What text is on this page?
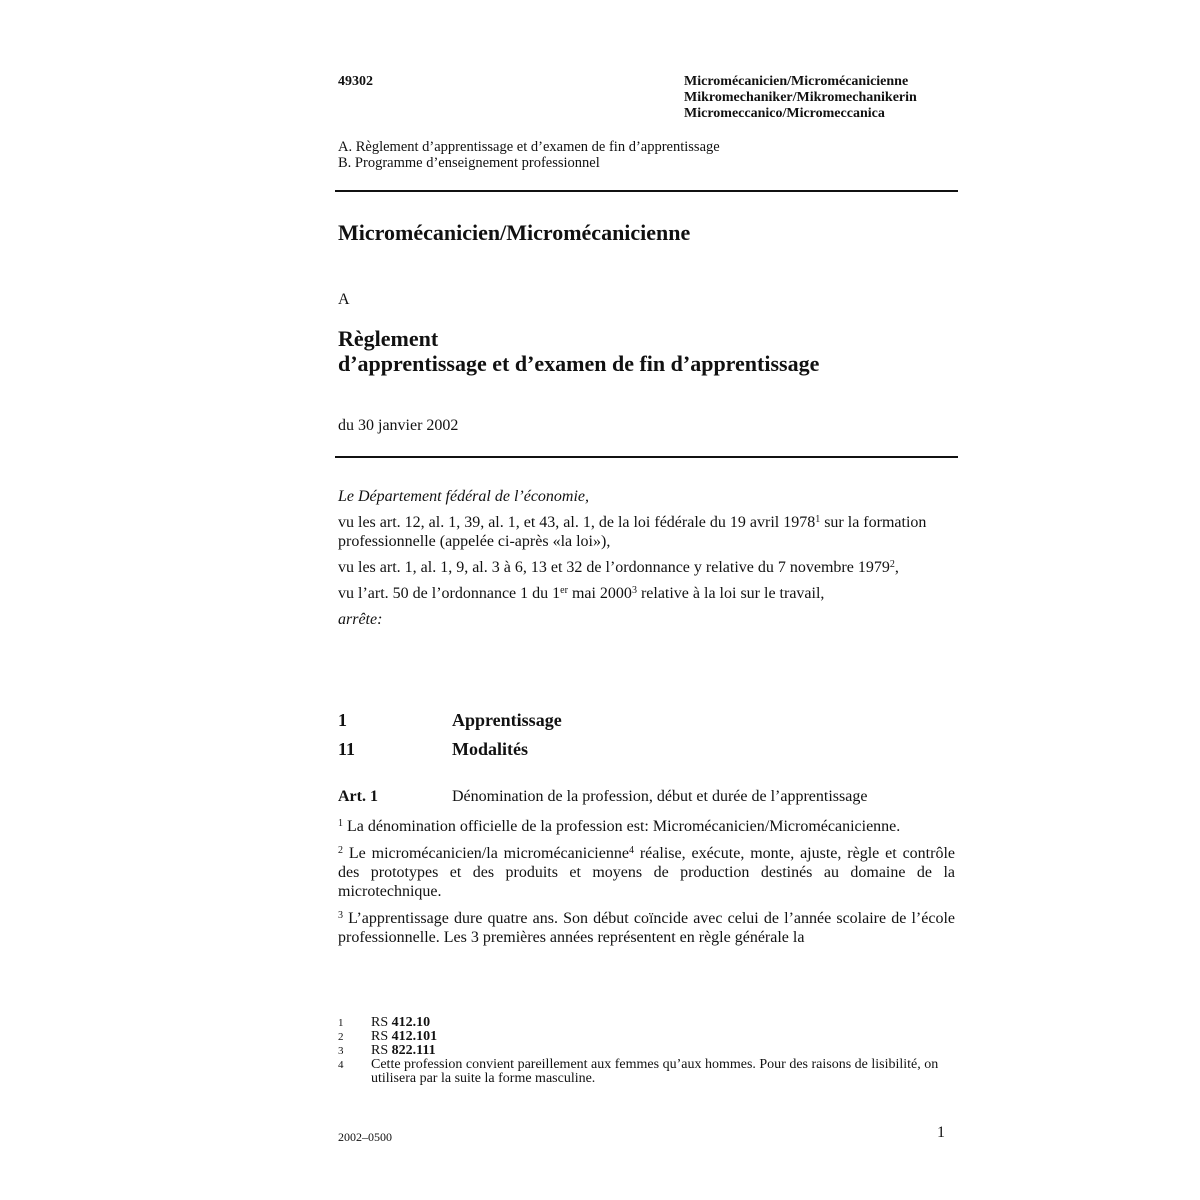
49302	Micromécanicien/Micromécanicienne
Mikromechaniker/Mikromechanikerin
Micromeccanico/Micromeccanica
A. Règlement d’apprentissage et d’examen de fin d’apprentissage
B. Programme d’enseignement professionnel
Micromécanicien/Micromécanicienne
A
Règlement
d’apprentissage et d’examen de fin d’apprentissage
du 30 janvier 2002

Le Département fédéral de l’économie,

vu les art. 12, al. 1, 39, al. 1, et 43, al. 1, de la loi fédérale du 19 avril 1978$^1$ sur la formation professionnelle (appelée ci-après «la loi»),

vu les art. 1, al. 1, 9, al. 3 à 6, 13 et 32 de l’ordonnance y relative du 7 novembre 1979$^2$,

vu l’art. 50 de l’ordonnance 1 du 1er mai 2000$^3$ relative à la loi sur le travail,

arrête:

1	Apprentissage
11	Modalités
Art. 1	Dénomination de la profession, début et durée de l’apprentissage

$^1$ La dénomination officielle de la profession est: Micromécanicien/Micromécanicienne.

$^2$ Le micromécanicien/la micromécanicienne$^4$ réalise, exécute, monte, ajuste, règle et contrôle des prototypes et des produits et moyens de production destinés au domaine de la microtechnique.

$^3$ L’apprentissage dure quatre ans. Son début coïncide avec celui de l’année scolaire de l’école professionnelle. Les 3 premières années représentent en règle générale la

1	RS 412.10
2	RS 412.101
3	RS 822.111
4	Cette profession convient pareillement aux femmes qu’aux hommes. Pour des raisons de lisibilité, on utilisera par la suite la forme masculine.
2002–0500	1
